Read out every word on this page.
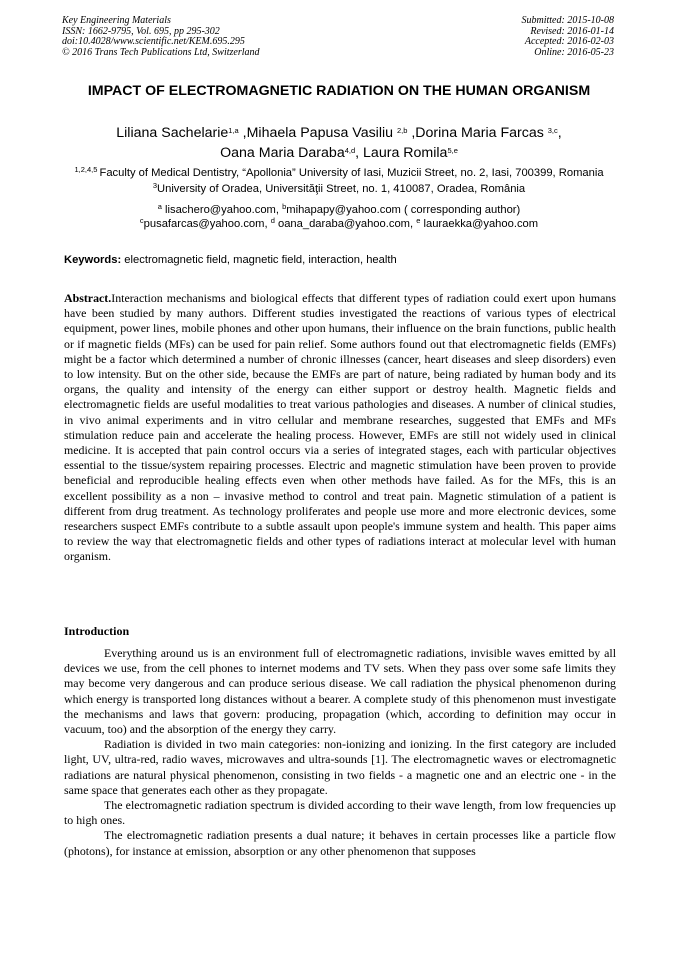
Key Engineering Materials
ISSN: 1662-9795, Vol. 695, pp 295-302
doi:10.4028/www.scientific.net/KEM.695.295
© 2016 Trans Tech Publications Ltd, Switzerland
Submitted: 2015-10-08
Revised: 2016-01-14
Accepted: 2016-02-03
Online: 2016-05-23
IMPACT OF ELECTROMAGNETIC RADIATION ON THE HUMAN ORGANISM
Liliana Sachelarie$^{1,a}$ ,Mihaela Papusa Vasiliu $^{2,b}$ ,Dorina Maria Farcas $^{3,c}$,
Oana Maria Daraba$^{4,d}$, Laura Romila$^{5,e}$
$^{1,2,4,5}$ Faculty of Medical Dentistry, “Apollonia” University of Iasi, Muzicii Street, no. 2, Iasi, 700399, Romania $^3$University of Oradea, Universităţii Street, no. 1, 410087, Oradea, România
$^a$ lisachero@yahoo.com, $^b$mihapapy@yahoo.com ( corresponding author)
$^c$pusafarcas@yahoo.com, $^d$ oana_daraba@yahoo.com, $^e$ lauraekka@yahoo.com
Keywords: electromagnetic field, magnetic field, interaction, health
Abstract.Interaction mechanisms and biological effects that different types of radiation could exert upon humans have been studied by many authors. Different studies investigated the reactions of various types of electrical equipment, power lines, mobile phones and other upon humans, their influence on the brain functions, public health or if magnetic fields (MFs) can be used for pain relief. Some authors found out that electromagnetic fields (EMFs) might be a factor which determined a number of chronic illnesses (cancer, heart diseases and sleep disorders) even to low intensity. But on the other side, because the EMFs are part of nature, being radiated by human body and its organs, the quality and intensity of the energy can either support or destroy health. Magnetic fields and electromagnetic fields are useful modalities to treat various pathologies and diseases. A number of clinical studies, in vivo animal experiments and in vitro cellular and membrane researches, suggested that EMFs and MFs stimulation reduce pain and accelerate the healing process. However, EMFs are still not widely used in clinical medicine. It is accepted that pain control occurs via a series of integrated stages, each with particular objectives essential to the tissue/system repairing processes. Electric and magnetic stimulation have been proven to provide beneficial and reproducible healing effects even when other methods have failed. As for the MFs, this is an excellent possibility as a non – invasive method to control and treat pain. Magnetic stimulation of a patient is different from drug treatment. As technology proliferates and people use more and more electronic devices, some researchers suspect EMFs contribute to a subtle assault upon people's immune system and health. This paper aims to review the way that electromagnetic fields and other types of radiations interact at molecular level with human organism.
Introduction

Everything around us is an environment full of electromagnetic radiations, invisible waves emitted by all devices we use, from the cell phones to internet modems and TV sets. When they pass over some safe limits they may become very dangerous and can produce serious disease. We call radiation the physical phenomenon during which energy is transported long distances without a bearer. A complete study of this phenomenon must investigate the mechanisms and laws that govern: producing, propagation (which, according to definition may occur in vacuum, too) and the absorption of the energy they carry.

Radiation is divided in two main categories: non-ionizing and ionizing. In the first category are included light, UV, ultra-red, radio waves, microwaves and ultra-sounds [1]. The electromagnetic waves or electromagnetic radiations are natural physical phenomenon, consisting in two fields - a magnetic one and an electric one - in the same space that generates each other as they propagate.

The electromagnetic radiation spectrum is divided according to their wave length, from low frequencies up to high ones.

The electromagnetic radiation presents a dual nature; it behaves in certain processes like a particle flow (photons), for instance at emission, absorption or any other phenomenon that supposes
